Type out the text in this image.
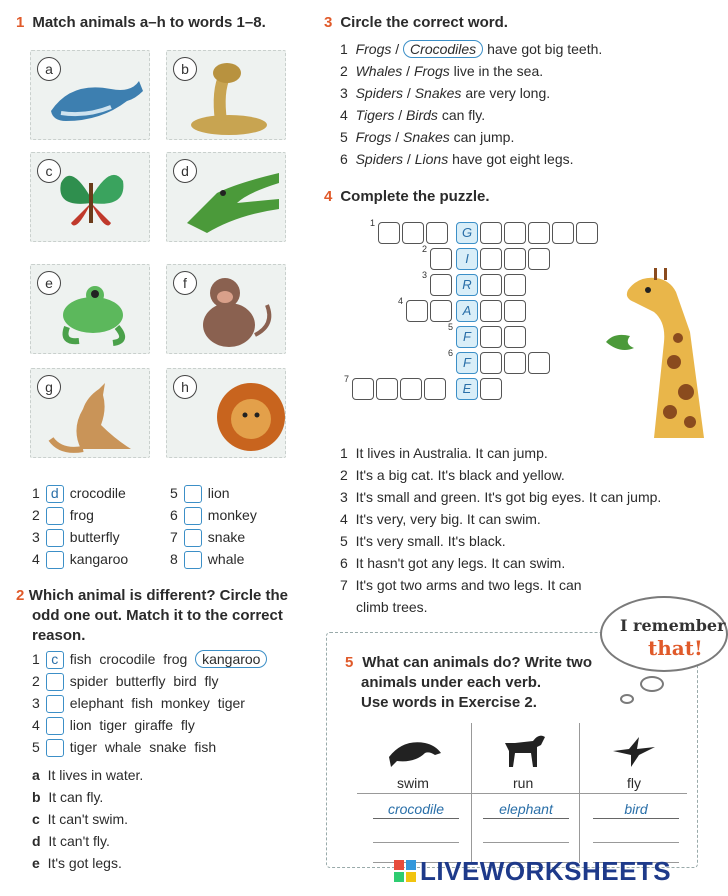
1 Match animals a–h to words 1–8.
a	b
c	d
e	f
g	h
1 d crocodile
2 frog
3 butterfly
4 kangaroo
5 lion
6 monkey
7 snake
8 whale
2 Which animal is different? Circle the
odd one out. Match it to the correct
reason.
1 c fish crocodile frog kangaroo
2 spider butterfly bird fly
3 elephant fish monkey tiger
4 lion tiger giraffe fly
5 tiger whale snake fish
a It lives in water.
b It can fly.
c It can't swim.
d It can't fly.
e It's got legs.
3 Circle the correct word.
1 Frogs / Crocodiles have got big teeth.
2 Whales / Frogs live in the sea.
3 Spiders / Snakes are very long.
4 Tigers / Birds can fly.
5 Frogs / Snakes can jump.
6 Spiders / Lions have got eight legs.
4 Complete the puzzle.
1
G
2
I
3
R
4
A
5
F
6
F
7
E
1 It lives in Australia. It can jump.
2 It's a big cat. It's black and yellow.
3 It's small and green. It's got big eyes. It can jump.
4 It's very, very big. It can swim.
5 It's very small. It's black.
6 It hasn't got any legs. It can swim.
7 It's got two arms and two legs. It can
climb trees.
5 What can animals do? Write two
animals under each verb.
Use words in Exercise 2.
swim	run	fly
crocodile	elephant	bird
I remember
that!
LIVEWORKSHEETS
